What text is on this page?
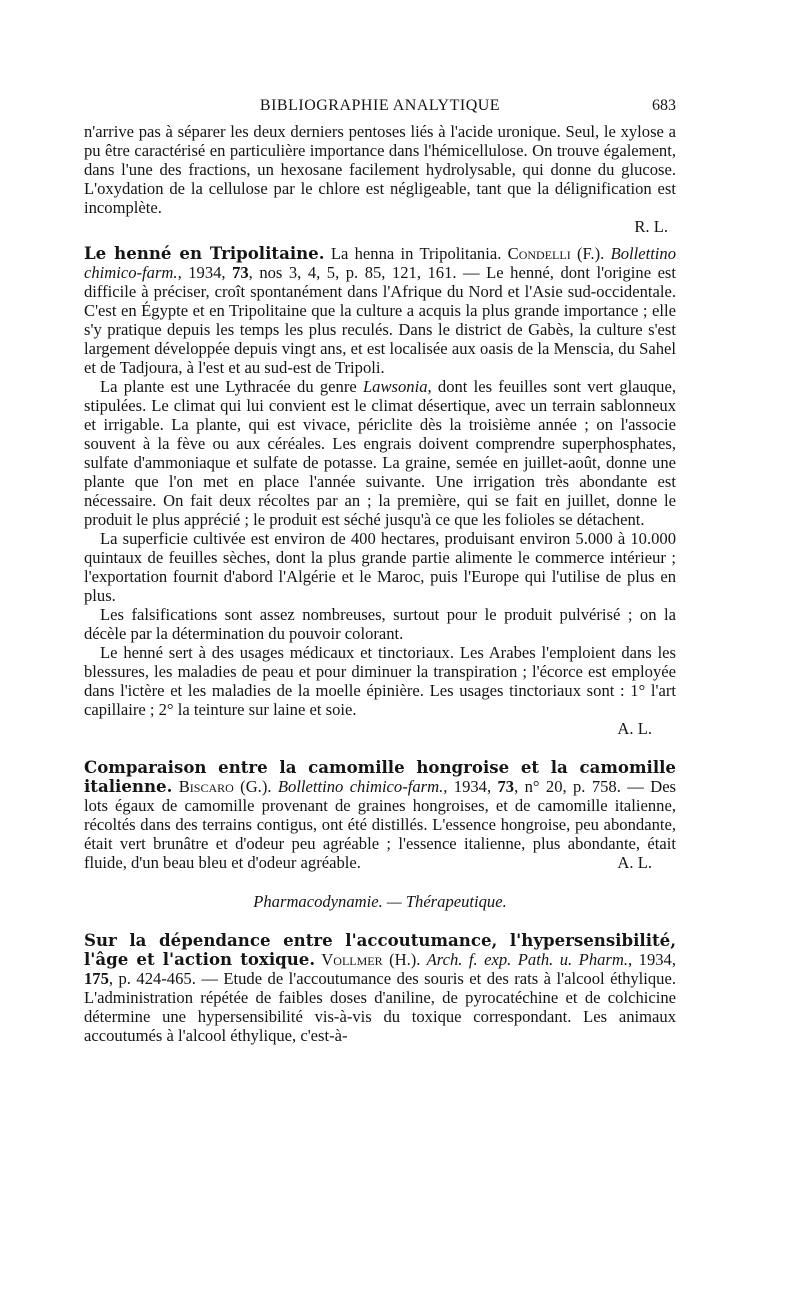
BIBLIOGRAPHIE ANALYTIQUE	683

n'arrive pas à séparer les deux derniers pentoses liés à l'acide uronique. Seul, le xylose a pu être caractérisé en particulière importance dans l'hémicellulose. On trouve également, dans l'une des fractions, un hexosane facilement hydrolysable, qui donne du glucose. L'oxydation de la cellulose par le chlore est négligeable, tant que la délignification est incomplète.

R. L.

Le henné en Tripolitaine. La henna in Tripolitania. Condelli (F.). Bollettino chimico-farm., 1934, 73, nos 3, 4, 5, p. 85, 121, 161. — Le henné, dont l'origine est difficile à préciser, croît spontanément dans l'Afrique du Nord et l'Asie sud-occidentale. C'est en Égypte et en Tripolitaine que la culture a acquis la plus grande importance ; elle s'y pratique depuis les temps les plus reculés. Dans le district de Gabès, la culture s'est largement développée depuis vingt ans, et est localisée aux oasis de la Menscia, du Sahel et de Tadjoura, à l'est et au sud-est de Tripoli.

La plante est une Lythracée du genre Lawsonia, dont les feuilles sont vert glauque, stipulées. Le climat qui lui convient est le climat désertique, avec un terrain sablonneux et irrigable. La plante, qui est vivace, périclite dès la troisième année ; on l'associe souvent à la fève ou aux céréales. Les engrais doivent comprendre superphosphates, sulfate d'ammoniaque et sulfate de potasse. La graine, semée en juillet-août, donne une plante que l'on met en place l'année suivante. Une irrigation très abondante est nécessaire. On fait deux récoltes par an ; la première, qui se fait en juillet, donne le produit le plus apprécié ; le produit est séché jusqu'à ce que les folioles se détachent.

La superficie cultivée est environ de 400 hectares, produisant environ 5.000 à 10.000 quintaux de feuilles sèches, dont la plus grande partie alimente le commerce intérieur ; l'exportation fournit d'abord l'Algérie et le Maroc, puis l'Europe qui l'utilise de plus en plus.

Les falsifications sont assez nombreuses, surtout pour le produit pulvérisé ; on la décèle par la détermination du pouvoir colorant.

Le henné sert à des usages médicaux et tinctoriaux. Les Arabes l'emploient dans les blessures, les maladies de peau et pour diminuer la transpiration ; l'écorce est employée dans l'ictère et les maladies de la moelle épinière. Les usages tinctoriaux sont : 1° l'art capillaire ; 2° la teinture sur laine et soie.

A. L.

Comparaison entre la camomille hongroise et la camomille italienne. Biscaro (G.). Bollettino chimico-farm., 1934, 73, n° 20, p. 758. — Des lots égaux de camomille provenant de graines hongroises, et de camomille italienne, récoltés dans des terrains contigus, ont été distillés. L'essence hongroise, peu abondante, était vert brunâtre et d'odeur peu agréable ; l'essence italienne, plus abondante, était fluide, d'un beau bleu et d'odeur agréable.	A. L.

Pharmacodynamie. — Thérapeutique.

Sur la dépendance entre l'accoutumance, l'hypersensibilité, l'âge et l'action toxique. Vollmer (H.). Arch. f. exp. Path. u. Pharm., 1934, 175, p. 424-465. — Etude de l'accoutumance des souris et des rats à l'alcool éthylique. L'administration répétée de faibles doses d'aniline, de pyrocatéchine et de colchicine détermine une hypersensibilité vis-à-vis du toxique correspondant. Les animaux accoutumés à l'alcool éthylique, c'est-à-
